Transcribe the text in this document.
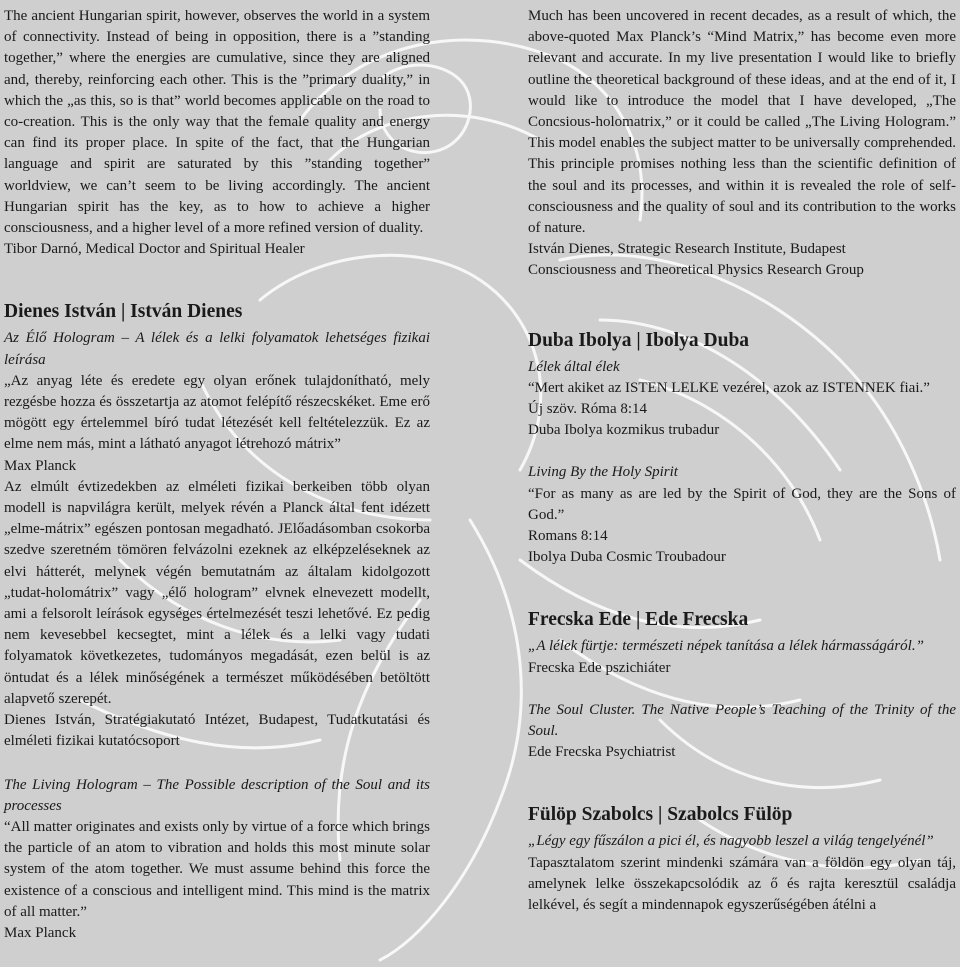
The ancient Hungarian spirit, however, observes the world in a system of connectivity. Instead of being in opposition, there is a ”standing together,” where the energies are cumulative, since they are aligned and, thereby, reinforcing each other. This is the ”primary duality,” in which the „as this, so is that” world becomes applicable on the road to co-creation. This is the only way that the female quality and energy can find its proper place. In spite of the fact, that the Hungarian language and spirit are saturated by this ”standing together” worldview, we can’t seem to be living accordingly. The ancient Hungarian spirit has the key, as to how to achieve a higher consciousness, and a higher level of a more refined version of duality.

Tibor Darnó, Medical Doctor and Spiritual Healer

Dienes István | István Dienes

Az Élő Hologram – A lélek és a lelki folyamatok lehetséges fizikai leírása

„Az anyag léte és eredete egy olyan erőnek tulajdonítható, mely rezgésbe hozza és összetartja az atomot felépítő részecskéket. Eme erő mögött egy értelemmel bíró tudat létezését kell feltételezzük. Ez az elme nem más, mint a látható anyagot létrehozó mátrix”

Max Planck

Az elmúlt évtizedekben az elméleti fizikai berkeiben több olyan modell is napvilágra került, melyek révén a Planck által fent idézett „elme-mátrix” egészen pontosan megadható. JElőadásomban csokorba szedve szeretném tömören felvázolni ezeknek az elképzeléseknek az elvi hátterét, melynek végén bemutatnám az általam kidolgozott „tudat-holomátrix” vagy „élő hologram” elvnek elnevezett modellt, ami a felsorolt leírások egységes értelmezését teszi lehetővé. Ez pedig nem kevesebbel kecsegtet, mint a lélek és a lelki vagy tudati folyamatok következetes, tudományos megadását, ezen belül is az öntudat és a lélek minőségének a természet működésében betöltött alapvető szerepét.

Dienes István, Stratégiakutató Intézet, Budapest, Tudatkutatási és elméleti fizikai kutatócsoport

The Living Hologram – The Possible description of the Soul and its processes

“All matter originates and exists only by virtue of a force which brings the particle of an atom to vibration and holds this most minute solar system of the atom together. We must assume behind this force the existence of a conscious and intelligent mind. This mind is the matrix of all matter.”

Max Planck

Much has been uncovered in recent decades, as a result of which, the above-quoted Max Planck’s “Mind Matrix,” has become even more relevant and accurate. In my live presentation I would like to briefly outline the theoretical background of these ideas, and at the end of it, I would like to introduce the model that I have developed, „The Concsious-holomatrix,” or it could be called „The Living Hologram.” This model enables the subject matter to be universally comprehended. This principle promises nothing less than the scientific definition of the soul and its processes, and within it is revealed the role of self-consciousness and the quality of soul and its contribution to the works of nature.

István Dienes, Strategic Research Institute, Budapest

Consciousness and Theoretical Physics Research Group

Duba Ibolya | Ibolya Duba

Lélek által élek

“Mert akiket az ISTEN LELKE vezérel, azok az ISTENNEK fiai.”

Új szöv. Róma 8:14

Duba Ibolya kozmikus trubadur

Living By the Holy Spirit

“For as many as are led by the Spirit of God, they are the Sons of God.”

Romans 8:14

Ibolya Duba Cosmic Troubadour

Frecska Ede | Ede Frecska

„A lélek fürtje: természeti népek tanítása a lélek hármasságáról.”

Frecska Ede pszichiáter

The Soul Cluster. The Native People’s Teaching of the Trinity of the Soul.

Ede Frecska Psychiatrist

Fülöp Szabolcs | Szabolcs Fülöp

„Légy egy fűszálon a pici él, és nagyobb leszel a világ tengelyénél”

Tapasztalatom szerint mindenki számára van a földön egy olyan táj, amelynek lelke összekapcsolódik az ő és rajta keresztül családja lelkével, és segít a mindennapok egyszerűségében átélni a
